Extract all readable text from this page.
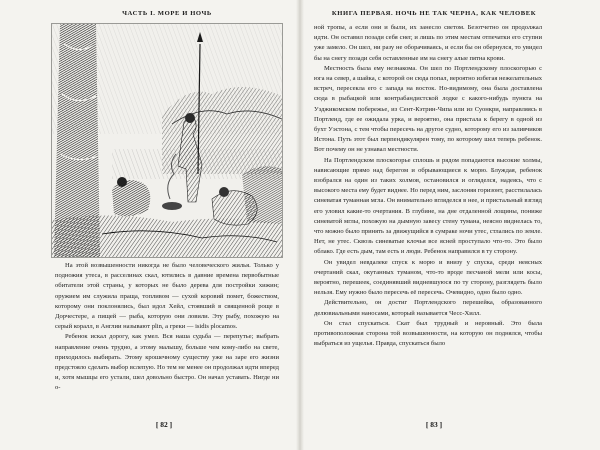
ЧАСТЬ I. МОРЕ И НОЧЬ

На этой возвышенности никогда не было человеческого жилья. Только у подножия утеса, в расселинах скал, ютились в давние времена первобытные обитатели этой страны, у которых не было дерева для постройки хижин; оружием им служила праща, топливом — сухой коровий помет, божеством, которому они поклонялись, был идол Хейл, стоявший в священной роще в Дорчестере, а пищей — рыба, которую они ловили. Эту рыбу, похожую на серый коралл, в Англии называют plin, а греки — isidis plocamos.

Ребенок искал дорогу, как умел. Вся наша судьба — перепутье; выбрать направление очень трудно, а этому малышу, больше чем кому-либо на свете, приходилось выбирать. Этому крошечному существу уже на заре его жизни предстояло сделать выбор вслепую. Но тем не менее он продолжал идти вперед и, хотя мышцы его устали, шел довольно быстро. Он начал уставать. Нигде ни о-

[ 82 ]
КНИГА ПЕРВАЯ. НОЧЬ НЕ ТАК ЧЕРНА, КАК ЧЕЛОВЕК

ной тропы, а если они и были, их занесло светом. Безотчетно он продолжал идти. Он оставил позади себя снег, и лишь по этим местам отпечатки его ступни уже замело. Он шел, ни разу не оборачиваясь, и если бы он обернулся, то увидел бы на снегу позади себя оставленные им на снегу алые пятна крови.

Местность была ему незнакома. Он шел по Портлендскому плоскогорью с юга на север, а шайка, с которой он сюда попал, вероятно избегая нежелательных встреч, пересекла его с запада на восток. Но-видимому, она была доставлена сюда в рыбацкой или контрабандистской лодке с какого-нибудь пункта на Уэджикомском побережье, из Сент-Кэтрин-Чипа или из Суонкри, направляясь в Портленд, где ее ожидала урка, и вероятно, она пристала к берегу в одной из бухт Уэстона, с тем чтобы пересечь на другое судно, которому его из заливчиков Истона. Путь этот был перпендикулярен тому, по которому шел теперь ребенок. Вот почему он не узнавал местности.

На Портлендском плоскогорье сплошь и рядом попадаются высокие холмы, нависающие прямо над берегом и обрывающиеся к морю. Блуждая, ребенок взобрался на один из таких холмов, остановился и огляделся, надеясь, что с высокого места ему будет виднее. Но перед ним, заслоняя горизонт, расстилалась синеватая туманная мгла. Он внимательно вгляделся в нее, и пристальный взгляд его уловил какие-то очертания. В глубине, на дне отдаленной лощины, пониже синеватой мглы, похожую на дымную завесу стену тумана, неясно виднелась то, что можно было принять за движущийся в сумраке ночи утес, стлались по земле. Нет, не утес. Сквозь синеватые клочья все ясней проступало что-то. Это было облако. Где есть дым, там есть и люди. Ребенок направился в ту сторону.

Он увидел невдалеке спуск к морю и внизу у спуска, среди неясных очертаний скал, окутанных туманом, что-то вроде песчаной мели или косы, вероятно, перешеек, соединявший видневшуюся по ту сторону, разглядеть было нельзя. Ему нужно было пересечь её пересечь. Очевидно, одно было одно.

Действительно, он достиг Портлендского перешейка, образованного делювиальными наносами, который называется Чесс-Хилл.

Он стал спускаться. Скат был трудный и неровный. Это была противоположная сторона той возвышенности, на которую он поднялся, чтобы выбраться из ущелья. Правда, спускаться было

[ 83 ]
